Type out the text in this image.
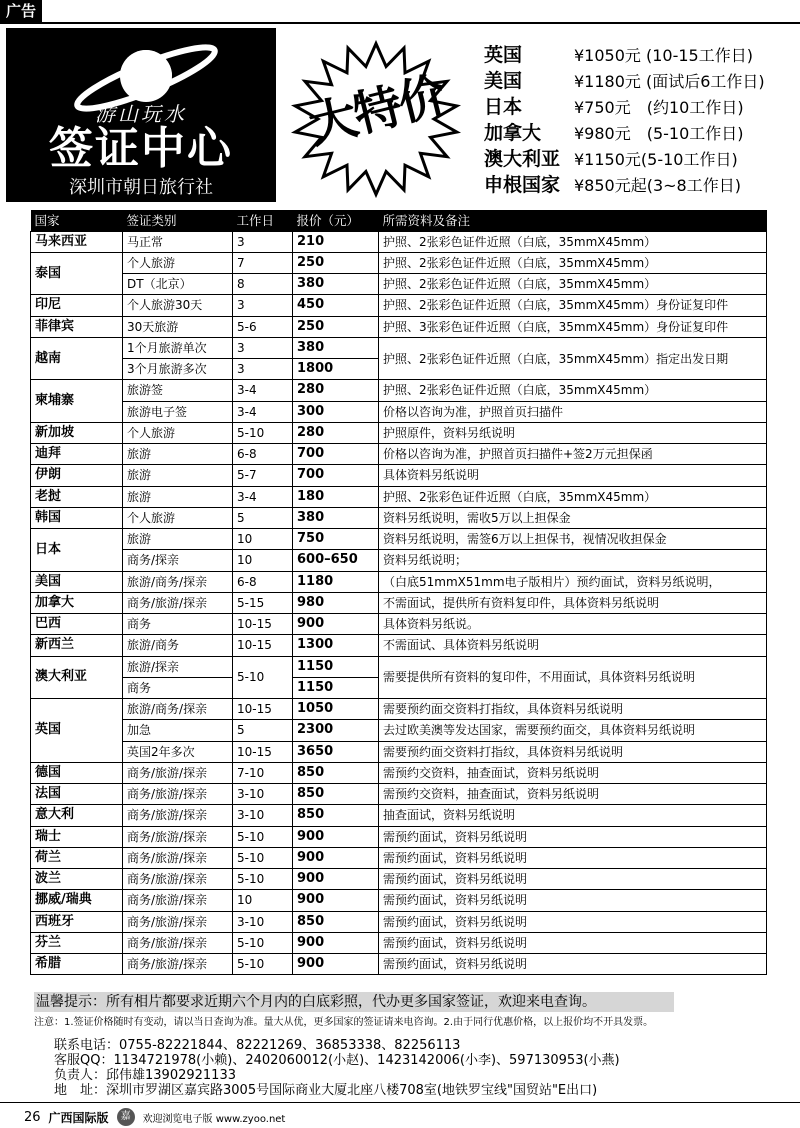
广告
游山玩水
签证中心
深圳市朝日旅行社
大特价
英国	¥1050元 (10-15工作日)
美国	¥1180元 (面试后6工作日)
日本	¥750元　(约10工作日)
加拿大	¥980元　(5-10工作日)
澳大利亚 ¥1150元(5-10工作日)
申根国家 ¥850元起(3~8工作日)
国家	签证类别	工作日	报价（元）	所需资料及备注
马来西亚	马正常	3	210	护照、2张彩色证件近照（白底，35mmX45mm）
泰国	个人旅游	7	250	护照、2张彩色证件近照（白底，35mmX45mm）
	DT（北京）	8	380	护照、2张彩色证件近照（白底，35mmX45mm）
印尼	个人旅游30天	3	450	护照、2张彩色证件近照（白底，35mmX45mm）身份证复印件
菲律宾	30天旅游	5-6	250	护照、3张彩色证件近照（白底，35mmX45mm）身份证复印件
越南	1个月旅游单次	3	380	护照、2张彩色证件近照（白底，35mmX45mm）指定出发日期
	3个月旅游多次	3	1800	
柬埔寨	旅游签	3-4	280	护照、2张彩色证件近照（白底，35mmX45mm）
	旅游电子签	3-4	300	价格以咨询为准，护照首页扫描件
新加坡	个人旅游	5-10	280	护照原件，资料另纸说明
迪拜	旅游	6-8	700	价格以咨询为准，护照首页扫描件+签2万元担保函
伊朗	旅游	5-7	700	具体资料另纸说明
老挝	旅游	3-4	180	护照、2张彩色证件近照（白底，35mmX45mm）
韩国	个人旅游	5	380	资料另纸说明，需收5万以上担保金
日本	旅游	10	750	资料另纸说明，需签6万以上担保书，视情况收担保金
	商务/探亲	10	600–650	资料另纸说明；
美国	旅游/商务/探亲	6-8	1180	（白底51mmX51mm电子版相片）预约面试，资料另纸说明，
加拿大	商务/旅游/探亲	5-15	980	不需面试，提供所有资料复印件，具体资料另纸说明
巴西	商务	10-15	900	具体资料另纸说。
新西兰	旅游/商务	10-15	1300	不需面试、具体资料另纸说明
澳大利亚	旅游/探亲	5-10	1150	需要提供所有资料的复印件，不用面试，具体资料另纸说明
	商务		1150	
英国	旅游/商务/探亲	10-15	1050	需要预约面交资料打指纹，具体资料另纸说明
	加急	5	2300	去过欧美澳等发达国家，需要预约面交，具体资料另纸说明
	英国2年多次	10-15	3650	需要预约面交资料打指纹，具体资料另纸说明
德国	商务/旅游/探亲	7-10	850	需预约交资料，抽查面试，资料另纸说明
法国	商务/旅游/探亲	3-10	850	需预约交资料，抽查面试，资料另纸说明
意大利	商务/旅游/探亲	3-10	850	抽查面试，资料另纸说明
瑞士	商务/旅游/探亲	5-10	900	需预约面试，资料另纸说明
荷兰	商务/旅游/探亲	5-10	900	需预约面试，资料另纸说明
波兰	商务/旅游/探亲	5-10	900	需预约面试，资料另纸说明
挪威/瑞典	商务/旅游/探亲	10	900	需预约面试，资料另纸说明
西班牙	商务/旅游/探亲	3-10	850	需预约面试，资料另纸说明
芬兰	商务/旅游/探亲	5-10	900	需预约面试，资料另纸说明
希腊	商务/旅游/探亲	5-10	900	需预约面试，资料另纸说明
温馨提示：所有相片都要求近期六个月内的白底彩照，代办更多国家签证，欢迎来电查询。
注意：1.签证价格随时有变动，请以当日查询为准。量大从优，更多国家的签证请来电咨询。2.由于同行优惠价格，以上报价均不开具发票。
联系电话：0755-82221844、82221269、36853338、82256113
客服QQ：1134721978(小赖)、2402060012(小赵)、1423142006(小李)、597130953(小燕)
负责人：邱伟雄13902921133
地　址：深圳市罗湖区嘉宾路3005号国际商业大厦北座八楼708室(地铁罗宝线"国贸站"E出口)
26 广西国际版	嘉	欢迎浏览电子版 www.zyoo.net
